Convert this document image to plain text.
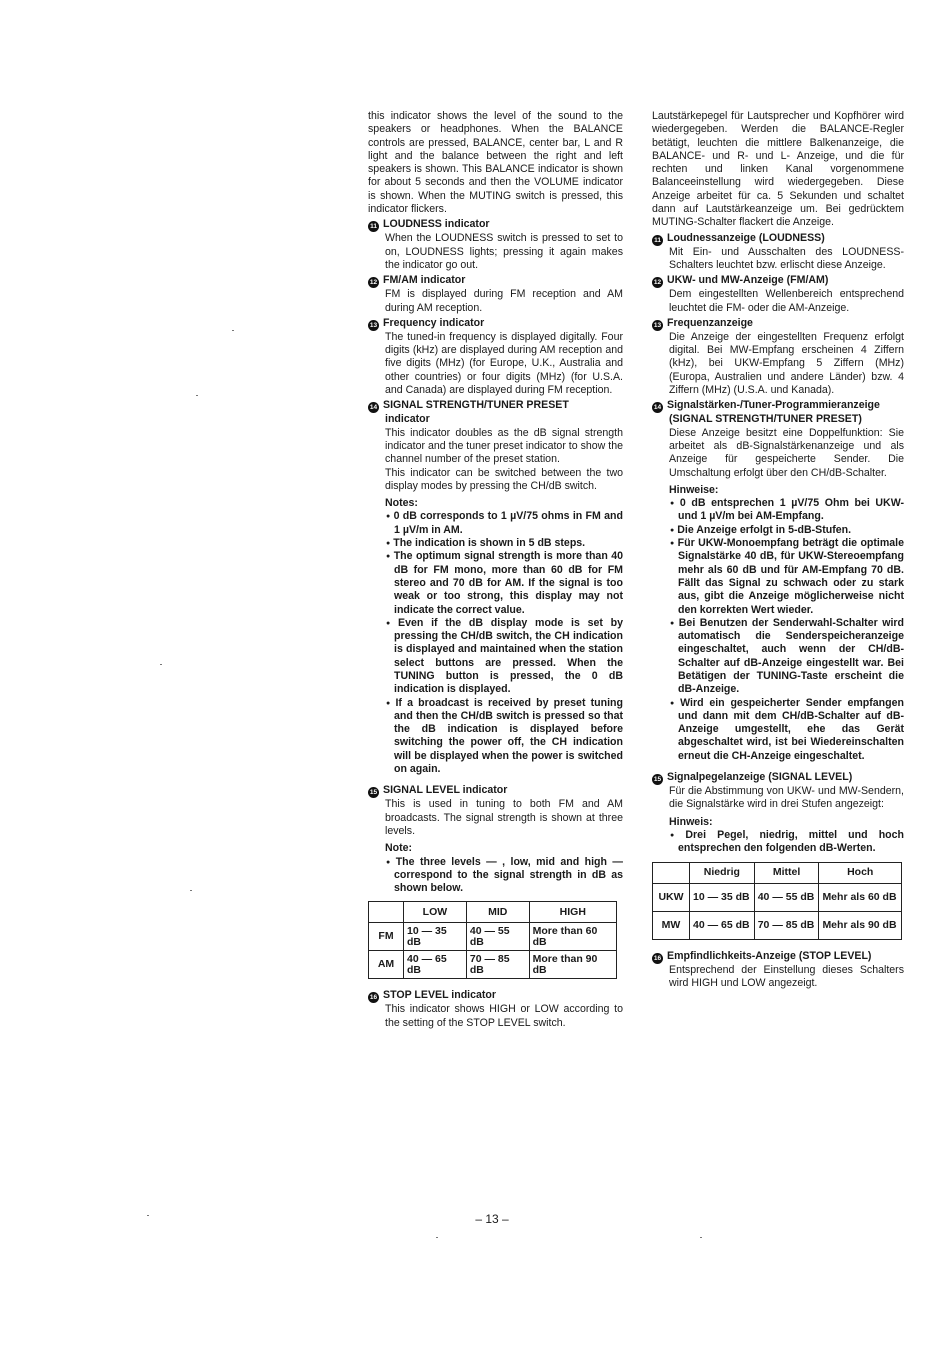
this indicator shows the level of the sound to the speakers or headphones. When the BALANCE controls are pressed, BALANCE, center bar, L and R light and the balance between the right and left speakers is shown. This BALANCE indicator is shown for about 5 seconds and then the VOLUME indicator is shown. When the MUTING switch is pressed, this indicator flickers.

11 LOUDNESS indicator

When the LOUDNESS switch is pressed to set to on, LOUDNESS lights; pressing it again makes the indicator go out.

12 FM/AM indicator

FM is displayed during FM reception and AM during AM reception.

13 Frequency indicator

The tuned-in frequency is displayed digitally. Four digits (kHz) are displayed during AM reception and five digits (MHz) (for Europe, U.K., Australia and other countries) or four digits (MHz) (for U.S.A. and Canada) are displayed during FM reception.

14 SIGNAL STRENGTH/TUNER PRESET
indicator

This indicator doubles as the dB signal strength indicator and the tuner preset indicator to show the channel number of the preset station.

This indicator can be switched between the two display modes by pressing the CH/dB switch.

Notes:
● 0 dB corresponds to 1 µV/75 ohms in FM and 1 µV/m in AM.
● The indication is shown in 5 dB steps.
● The optimum signal strength is more than 40 dB for FM mono, more than 60 dB for FM stereo and 70 dB for AM. If the signal is too weak or too strong, this display may not indicate the correct value.
● Even if the dB display mode is set by pressing the CH/dB switch, the CH indication is displayed and maintained when the station select buttons are pressed. When the TUNING button is pressed, the 0 dB indication is displayed.
● If a broadcast is received by preset tuning and then the CH/dB switch is pressed so that the dB indication is displayed before switching the power off, the CH indication will be displayed when the power is switched on again.
15 SIGNAL LEVEL indicator

This is used in tuning to both FM and AM broadcasts. The signal strength is shown at three levels.

Note:
● The three levels — , low, mid and high — correspond to the signal strength in dB as shown below.
	LOW	MID	HIGH
FM	10 — 35 dB	40 — 55 dB	More than 60 dB
AM	40 — 65 dB	70 — 85 dB	More than 90 dB
16 STOP LEVEL indicator

This indicator shows HIGH or LOW according to the setting of the STOP LEVEL switch.

Lautstärkepegel für Lautsprecher und Kopfhörer wird wiedergegeben. Werden die BALANCE-Regler betätigt, leuchten die mittlere Balkenanzeige, die BALANCE- und R- und L- Anzeige, und die für rechten und linken Kanal vorgenommene Balanceeinstellung wird wiedergegeben. Diese Anzeige arbeitet für ca. 5 Sekunden und schaltet dann auf Lautstärkeanzeige um. Bei gedrücktem MUTING-Schalter flackert die Anzeige.

11 Loudnessanzeige (LOUDNESS)

Mit Ein- und Ausschalten des LOUDNESS-Schalters leuchtet bzw. erlischt diese Anzeige.

12 UKW- und MW-Anzeige (FM/AM)

Dem eingestellten Wellenbereich entsprechend leuchtet die FM- oder die AM-Anzeige.

13 Frequenzanzeige

Die Anzeige der eingestellten Frequenz erfolgt digital. Bei MW-Empfang erscheinen 4 Ziffern (kHz), bei UKW-Empfang 5 Ziffern (MHz) (Europa, Australien und andere Länder) bzw. 4 Ziffern (MHz) (U.S.A. und Kanada).

14 Signalstärken-/Tuner-Programmieranzeige
(SIGNAL STRENGTH/TUNER PRESET)

Diese Anzeige besitzt eine Doppelfunktion: Sie arbeitet als dB-Signalstärkenanzeige und als Anzeige für gespeicherte Sender. Die Umschaltung erfolgt über den CH/dB-Schalter.

Hinweise:
● 0 dB entsprechen 1 µV/75 Ohm bei UKW- und 1 µV/m bei AM-Empfang.
● Die Anzeige erfolgt in 5-dB-Stufen.
● Für UKW-Monoempfang beträgt die optimale Signalstärke 40 dB, für UKW-Stereoempfang mehr als 60 dB und für AM-Empfang 70 dB. Fällt das Signal zu schwach oder zu stark aus, gibt die Anzeige möglicherweise nicht den korrekten Wert wieder.
● Bei Benutzen der Senderwahl-Schalter wird automatisch die Senderspeicheranzeige eingeschaltet, auch wenn der CH/dB-Schalter auf dB-Anzeige eingestellt war. Bei Betätigen der TUNING-Taste erscheint die dB-Anzeige.
● Wird ein gespeicherter Sender empfangen und dann mit dem CH/dB-Schalter auf dB-Anzeige umgestellt, ehe das Gerät abgeschaltet wird, ist bei Wiedereinschalten erneut die CH-Anzeige eingeschaltet.
15 Signalpegelanzeige (SIGNAL LEVEL)

Für die Abstimmung von UKW- und MW-Sendern, die Signalstärke wird in drei Stufen angezeigt:

Hinweis:
● Drei Pegel, niedrig, mittel und hoch entsprechen den folgenden dB-Werten.
	Niedrig	Mittel	Hoch
UKW	10 — 35 dB	40 — 55 dB	Mehr als 60 dB
MW	40 — 65 dB	70 — 85 dB	Mehr als 90 dB
16 Empfindlichkeits-Anzeige (STOP LEVEL)

Entsprechend der Einstellung dieses Schalters wird HIGH und LOW angezeigt.

– 13 –
